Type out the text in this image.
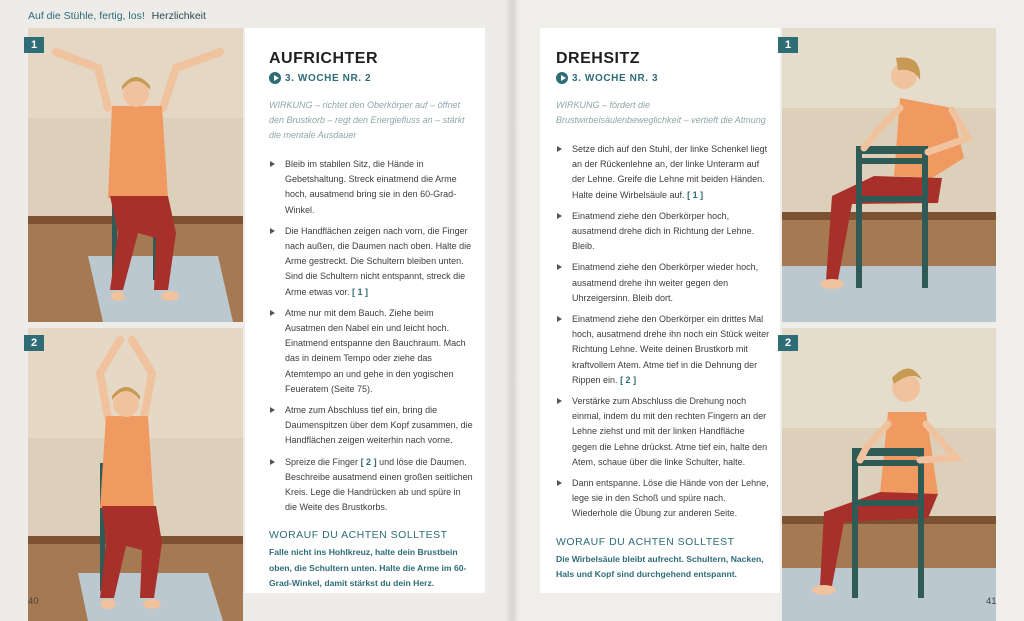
Auf die Stühle, fertig, los! Herzlichkeit
1
2
AUFRICHTER
3. WOCHE NR. 2
WIRKUNG – richtet den Oberkörper auf – öffnet den Brustkorb – regt den Energiefluss an – stärkt die mentale Ausdauer
Bleib im stabilen Sitz, die Hände in Gebetshaltung. Streck einatmend die Arme hoch, ausatmend bring sie in den 60-Grad-Winkel.
Die Handflächen zeigen nach vorn, die Finger nach außen, die Daumen nach oben. Halte die Arme gestreckt. Die Schultern bleiben unten. Sind die Schultern nicht entspannt, streck die Arme etwas vor. [ 1 ]
Atme nur mit dem Bauch. Ziehe beim Ausatmen den Nabel ein und leicht hoch. Einatmend entspanne den Bauchraum. Mach das in deinem Tempo oder ziehe das Atemtempo an und gehe in den yogischen Feueratem (Seite 75).
Atme zum Abschluss tief ein, bring die Daumenspitzen über dem Kopf zusammen, die Handflächen zeigen weiterhin nach vorne.
Spreize die Finger [ 2 ] und löse die Daumen. Beschreibe ausatmend einen großen seitlichen Kreis. Lege die Handrücken ab und spüre in die Weite des Brustkorbs.
WORAUF DU ACHTEN SOLLTEST
Falle nicht ins Hohlkreuz, halte dein Brustbein oben, die Schultern unten. Halte die Arme im 60-Grad-Winkel, damit stärkst du dein Herz.
DREHSITZ
3. WOCHE NR. 3
WIRKUNG – fördert die Brustwirbelsäulenbeweglichkeit – vertieft die Atmung
Setze dich auf den Stuhl, der linke Schenkel liegt an der Rückenlehne an, der linke Unterarm auf der Lehne. Greife die Lehne mit beiden Händen. Halte deine Wirbelsäule auf. [ 1 ]
Einatmend ziehe den Oberkörper hoch, ausatmend drehe dich in Richtung der Lehne. Bleib.
Einatmend ziehe den Oberkörper wieder hoch, ausatmend drehe ihn weiter gegen den Uhrzeigersinn. Bleib dort.
Einatmend ziehe den Oberkörper ein drittes Mal hoch, ausatmend drehe ihn noch ein Stück weiter Richtung Lehne. Weite deinen Brustkorb mit kraftvollem Atem. Atme tief in die Dehnung der Rippen ein. [ 2 ]
Verstärke zum Abschluss die Drehung noch einmal, indem du mit den rechten Fingern an der Lehne ziehst und mit der linken Handfläche gegen die Lehne drückst. Atme tief ein, halte den Atem, schaue über die linke Schulter, halte.
Dann entspanne. Löse die Hände von der Lehne, lege sie in den Schoß und spüre nach. Wiederhole die Übung zur anderen Seite.
WORAUF DU ACHTEN SOLLTEST
Die Wirbelsäule bleibt aufrecht. Schultern, Nacken, Hals und Kopf sind durchgehend entspannt.
1
2
40	41
